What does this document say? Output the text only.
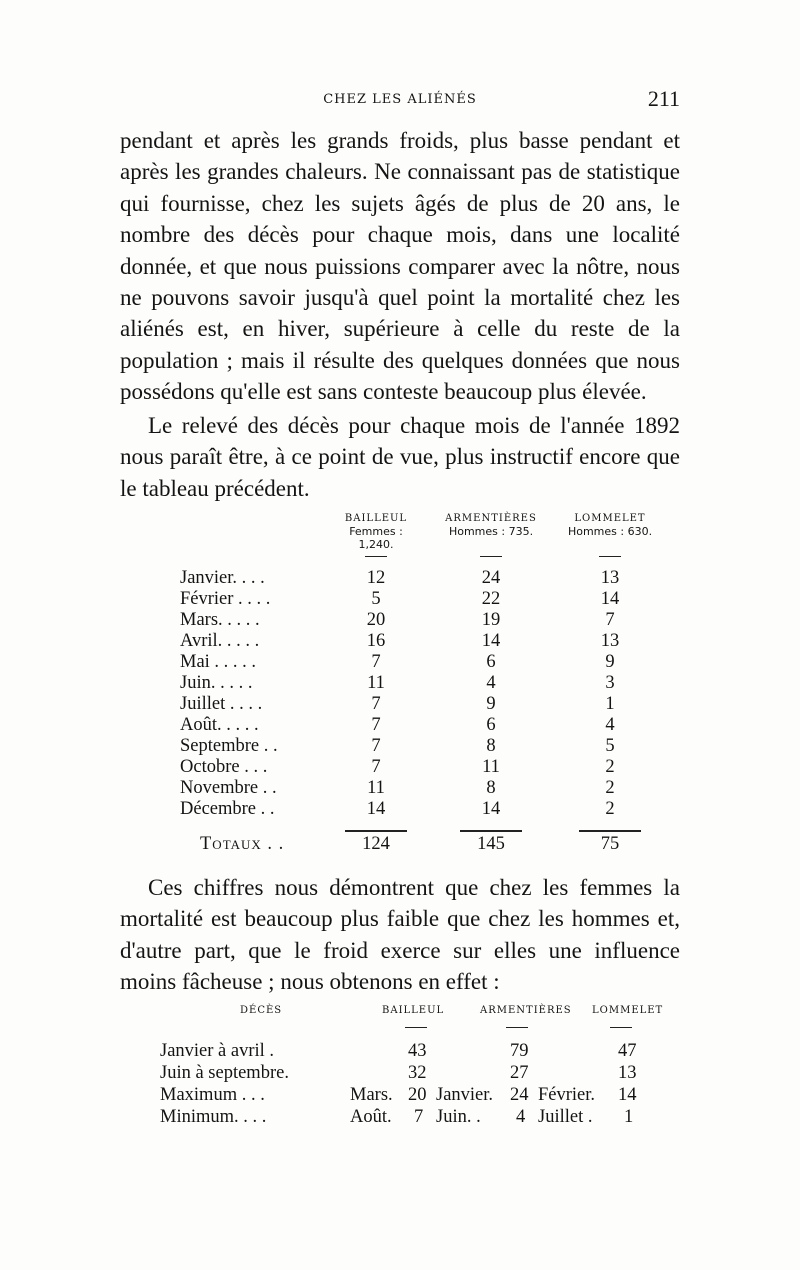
CHEZ LES ALIÉNÉS	211

pendant et après les grands froids, plus basse pendant et après les grandes chaleurs. Ne connaissant pas de statistique qui fournisse, chez les sujets âgés de plus de 20 ans, le nombre des décès pour chaque mois, dans une localité donnée, et que nous puissions comparer avec la nôtre, nous ne pouvons savoir jusqu'à quel point la mortalité chez les aliénés est, en hiver, supérieure à celle du reste de la population ; mais il résulte des quelques données que nous possédons qu'elle est sans conteste beaucoup plus élevée.

Le relevé des décès pour chaque mois de l'année 1892 nous paraît être, à ce point de vue, plus instructif encore que le tableau précédent.

BAILLEUL
Femmes : 1,240.
ARMENTIÈRES
Hommes : 735.
LOMMELET
Hommes : 630.
Janvier. . . .	12	24	13
Février . . . .	5	22	14
Mars. . . . .	20	19	7
Avril. . . . .	16	14	13
Mai . . . . .	7	6	9
Juin. . . . .	11	4	3
Juillet . . . .	7	9	1
Août. . . . .	7	6	4
Septembre . .	7	8	5
Octobre . . .	7	11	2
Novembre . .	11	8	2
Décembre . .	14	14	2
Totaux . .	124	145	75

Ces chiffres nous démontrent que chez les femmes la mortalité est beaucoup plus faible que chez les hommes et, d'autre part, que le froid exerce sur elles une influence moins fâcheuse ; nous obtenons en effet :

DÉCÈS	BAILLEUL	ARMENTIÈRES LOMMELET
Janvier à avril .	43	79	47
Juin à septembre.	32	27	13
Maximum . . .	Mars. 20 Janvier. 24 Février. 14
Minimum. . . .	Août. 7 Juin. . 4 Juillet . 1
